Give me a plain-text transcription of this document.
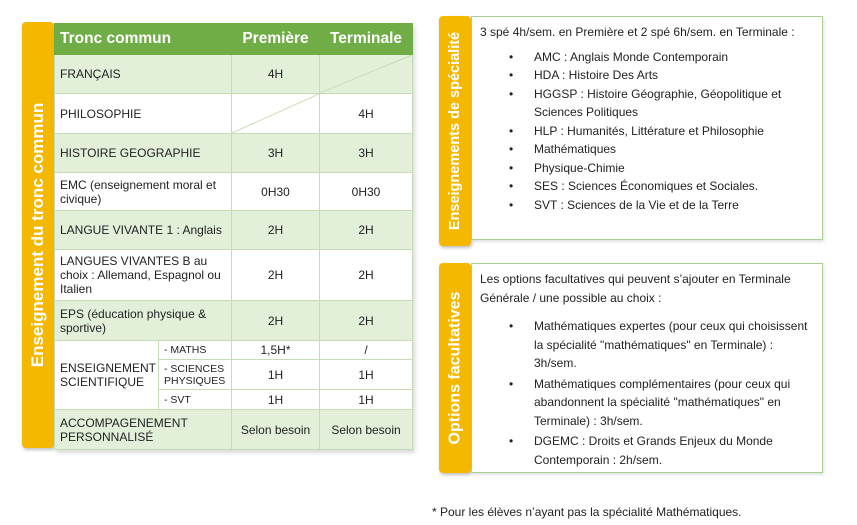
Enseignement du tronc commun
Tronc commun		Première	Terminale
FRANÇAIS		4H	

PHILOSOPHIE			4H
HISTOIRE GEOGRAPHIE		3H	3H
EMC (enseignement moral et civique)		0H30	0H30
LANGUE VIVANTE 1 : Anglais		2H	2H
LANGUES VIVANTES B au choix : Allemand, Espagnol ou Italien		2H	2H
EPS (éducation physique & sportive)		2H	2H
ENSEIGNEMENT SCIENTIFIQUE	- MATHS	1,5H*	/
	- SCIENCES PHYSIQUES	1H	1H
	- SVT	1H	1H
ACCOMPAGENEMENT PERSONNALISÉ		Selon besoin	Selon besoin
Enseignements de spécialité 3 spé 4h/sem. en Première et 2 spé 6h/sem. en Terminale :

• AMC : Anglais Monde Contemporain
• HDA : Histoire Des Arts
• HGGSP : Histoire Géographie, Géopolitique et Sciences Politiques
• HLP : Humanités, Littérature et Philosophie
• Mathématiques
• Physique-Chimie
• SES : Sciences Économiques et Sociales.
• SVT : Sciences de la Vie et de la Terre
Options facultatives

Les options facultatives qui peuvent s’ajouter en Terminale Générale / une possible au choix :

• Mathématiques expertes (pour ceux qui choisissent la spécialité "mathématiques" en Terminale) : 3h/sem.
• Mathématiques complémentaires (pour ceux qui abandonnent la spécialité "mathématiques" en Terminale) : 3h/sem.
• DGEMC : Droits et Grands Enjeux du Monde Contemporain : 2h/sem.
* Pour les élèves n’ayant pas la spécialité Mathématiques.
